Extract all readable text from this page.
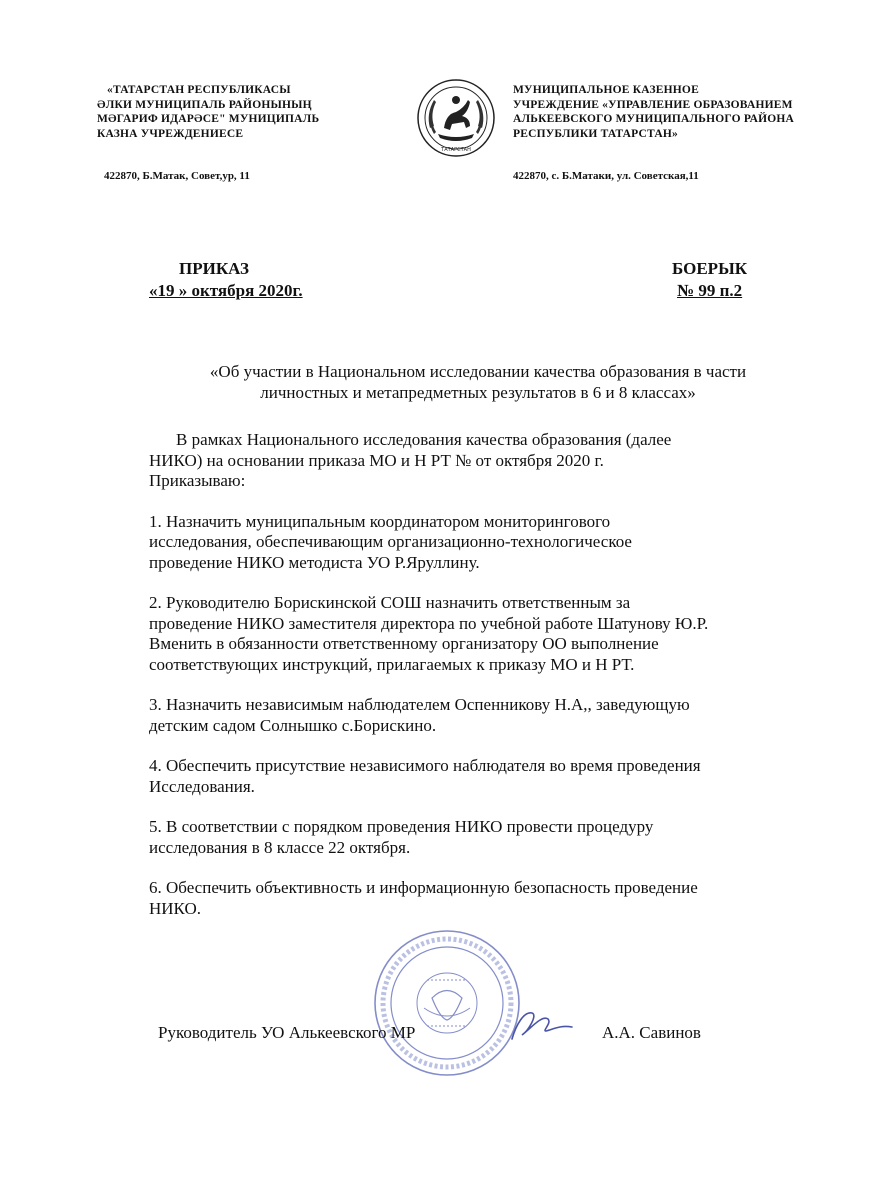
«ТАТАРСТАН РЕСПУБЛИКАСЫ
ӘЛКИ МУНИЦИПАЛЬ РАЙОНЫНЫҢ
МӘГАРИФ ИДАРӘСЕ" МУНИЦИПАЛЬ
КАЗНА УЧРЕЖДЕНИЕСЕ
422870, Б.Матак, Совет,ур, 11
ТАТАРСТАН
МУНИЦИПАЛЬНОЕ КАЗЕННОЕ
УЧРЕЖДЕНИЕ «УПРАВЛЕНИЕ ОБРАЗОВАНИЕМ
АЛЬКЕЕВСКОГО МУНИЦИПАЛЬНОГО РАЙОНА
РЕСПУБЛИКИ ТАТАРСТАН»
422870, с. Б.Матаки, ул. Советская,11
ПРИКАЗ
«19 » октября 2020г.
БОЕРЫК
№ 99 п.2
«Об участии в Национальном исследовании качества образования в части
личностных и метапредметных результатов в 6 и 8 классах»

В рамках Национального исследования качества образования (далее

НИКО) на основании приказа МО и Н РТ № от октября 2020 г.

Приказываю:

1. Назначить муниципальным координатором мониторингового

исследования, обеспечивающим организационно-технологическое

проведение НИКО методиста УО Р.Яруллину.

2. Руководителю Борискинской СОШ назначить ответственным за

проведение НИКО заместителя директора по учебной работе Шатунову Ю.Р.

Вменить в обязанности ответственному организатору ОО выполнение

соответствующих инструкций, прилагаемых к приказу МО и Н РТ.

3. Назначить независимым наблюдателем Оспенникову Н.А,, заведующую

детским садом Солнышко с.Борискино.

4. Обеспечить присутствие независимого наблюдателя во время проведения

Исследования.

5. В соответствии с порядком проведения НИКО провести процедуру

исследования в 8 классе 22 октября.

6. Обеспечить объективность и информационную безопасность проведение

НИКО.

Руководитель УО Алькеевского МР	А.А. Савинов
